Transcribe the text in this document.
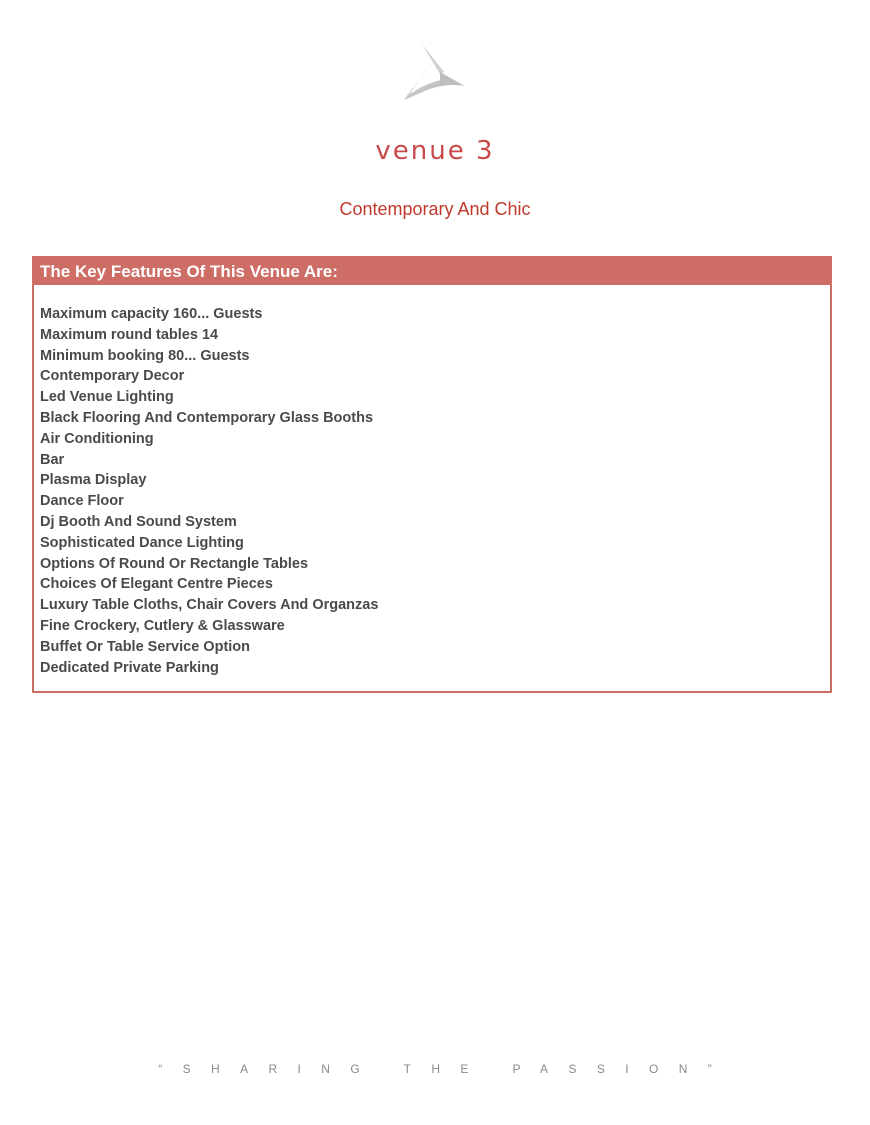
venue 3
Contemporary And Chic
The Key Features Of This Venue Are:
Maximum capacity 160... Guests
Maximum round tables 14
Minimum booking 80... Guests
Contemporary Decor
Led Venue Lighting
Black Flooring And Contemporary Glass Booths
Air Conditioning
Bar
Plasma Display
Dance Floor
Dj Booth And Sound System
Sophisticated Dance Lighting
Options Of Round Or Rectangle Tables
Choices Of Elegant Centre Pieces
Luxury Table Cloths, Chair Covers And Organzas
Fine Crockery, Cutlery & Glassware
Buffet Or Table Service Option
Dedicated Private Parking
“SHARING THE PASSION”
